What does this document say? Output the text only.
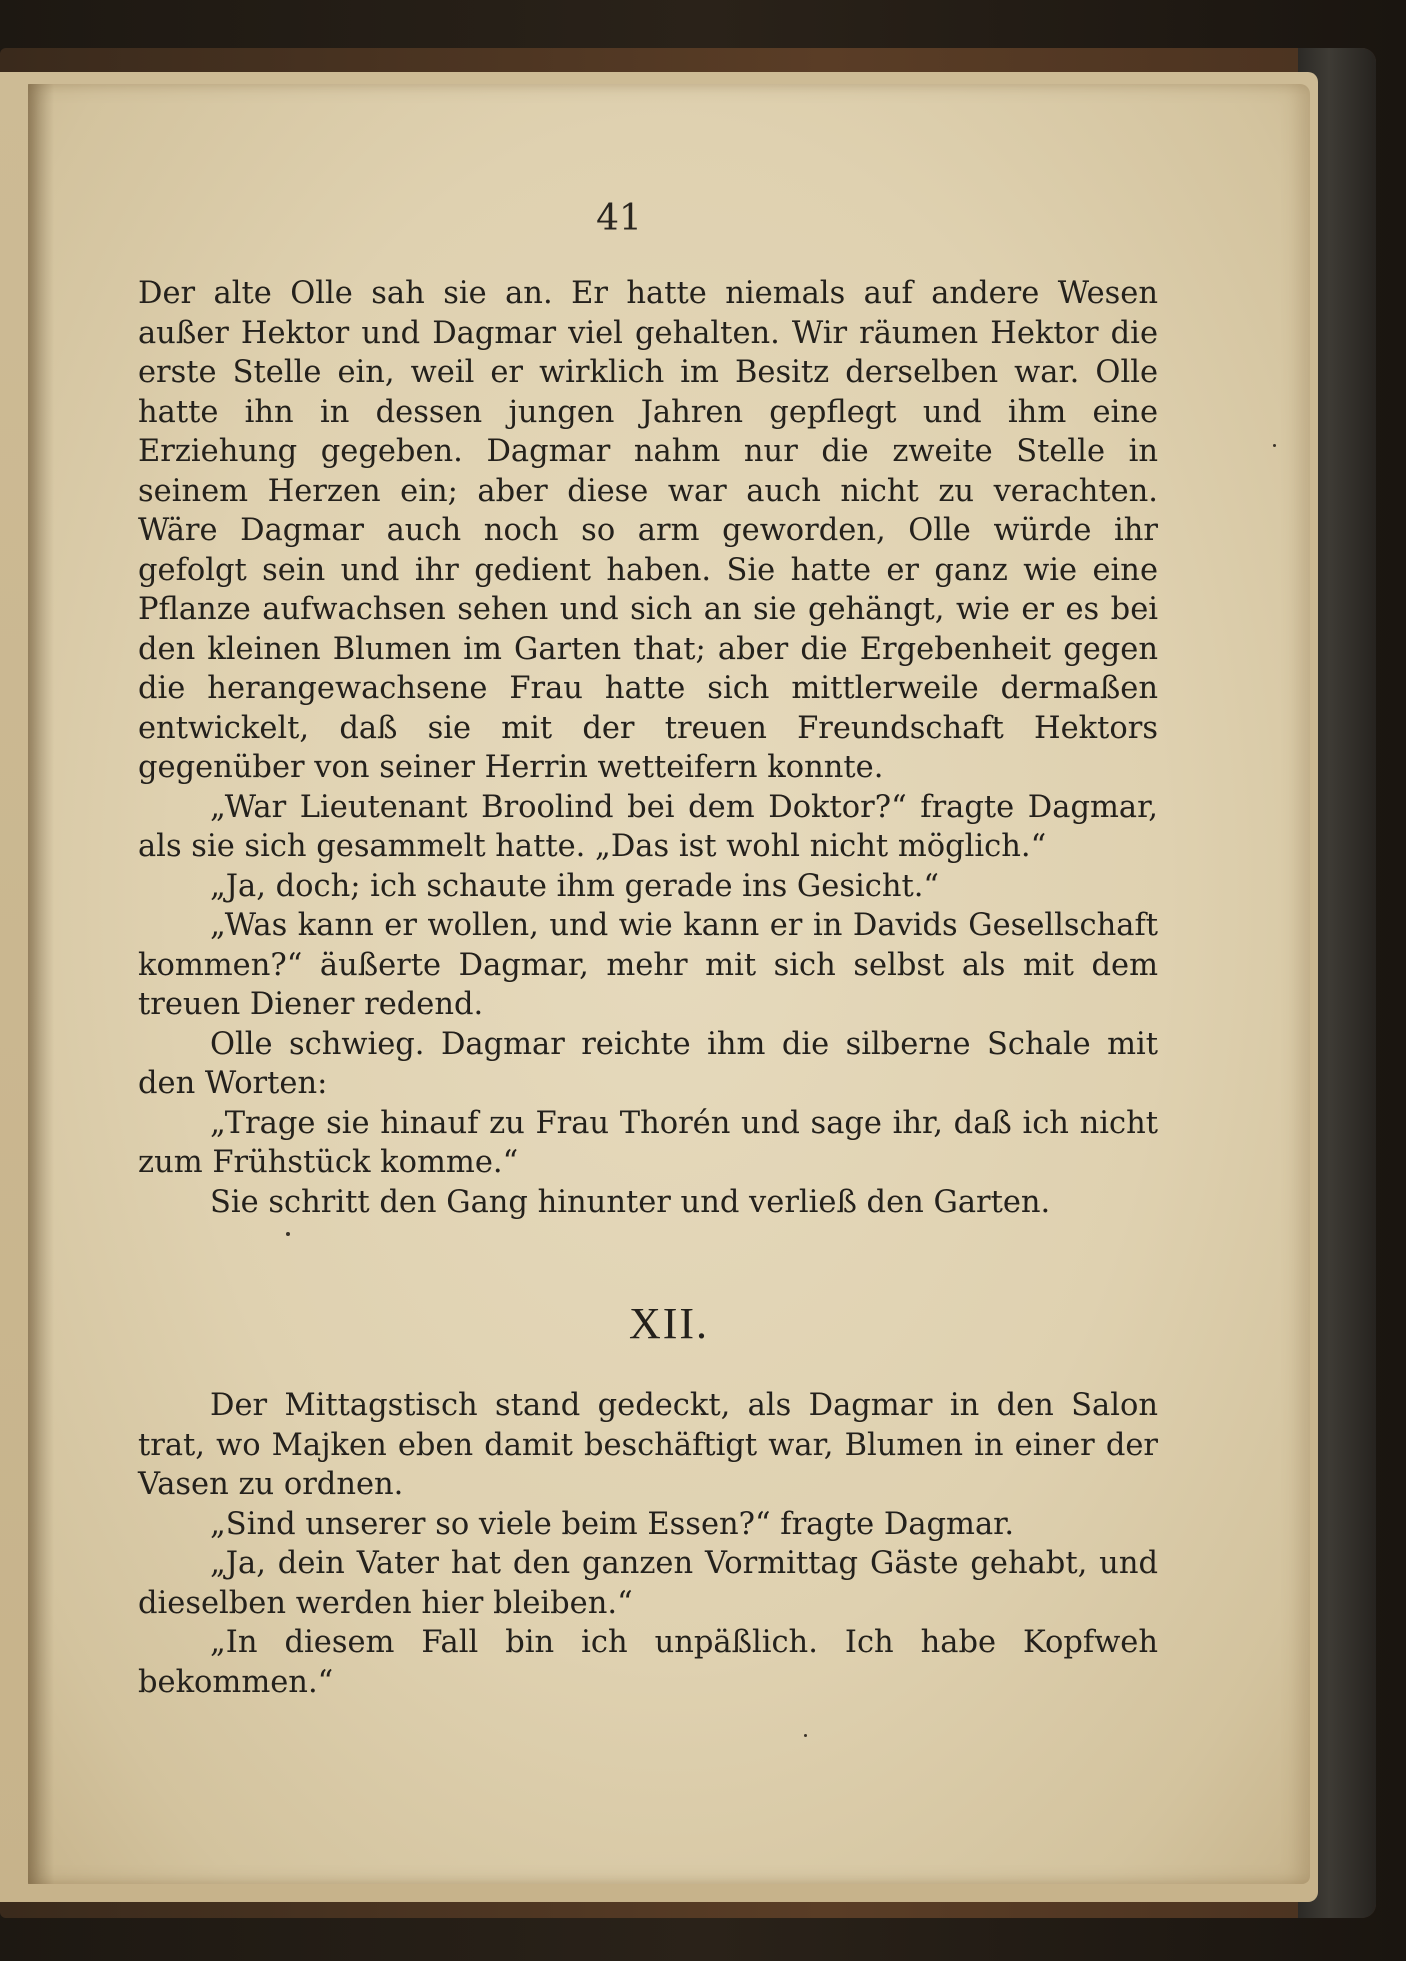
41

Der alte Olle sah sie an. Er hatte niemals auf andere Wesen außer Hektor und Dagmar viel gehalten. Wir räumen Hektor die erste Stelle ein, weil er wirklich im Besitz derselben war. Olle hatte ihn in dessen jungen Jahren gepflegt und ihm eine Erziehung gegeben. Dagmar nahm nur die zweite Stelle in seinem Herzen ein; aber diese war auch nicht zu verachten. Wäre Dagmar auch noch so arm geworden, Olle würde ihr gefolgt sein und ihr gedient haben. Sie hatte er ganz wie eine Pflanze aufwachsen sehen und sich an sie gehängt, wie er es bei den kleinen Blumen im Garten that; aber die Ergebenheit gegen die herangewachsene Frau hatte sich mittlerweile dermaßen entwickelt, daß sie mit der treuen Freundschaft Hektors gegenüber von seiner Herrin wetteifern konnte.

„War Lieutenant Broolind bei dem Doktor?“ fragte Dagmar, als sie sich gesammelt hatte. „Das ist wohl nicht möglich.“

„Ja, doch; ich schaute ihm gerade ins Gesicht.“

„Was kann er wollen, und wie kann er in Davids Gesellschaft kommen?“ äußerte Dagmar, mehr mit sich selbst als mit dem treuen Diener redend.

Olle schwieg. Dagmar reichte ihm die silberne Schale mit den Worten:

„Trage sie hinauf zu Frau Thorén und sage ihr, daß ich nicht zum Frühstück komme.“

Sie schritt den Gang hinunter und verließ den Garten.

XII.

Der Mittagstisch stand gedeckt, als Dagmar in den Salon trat, wo Majken eben damit beschäftigt war, Blumen in einer der Vasen zu ordnen.

„Sind unserer so viele beim Essen?“ fragte Dagmar.

„Ja, dein Vater hat den ganzen Vormittag Gäste gehabt, und dieselben werden hier bleiben.“

„In diesem Fall bin ich unpäßlich. Ich habe Kopfweh bekommen.“
